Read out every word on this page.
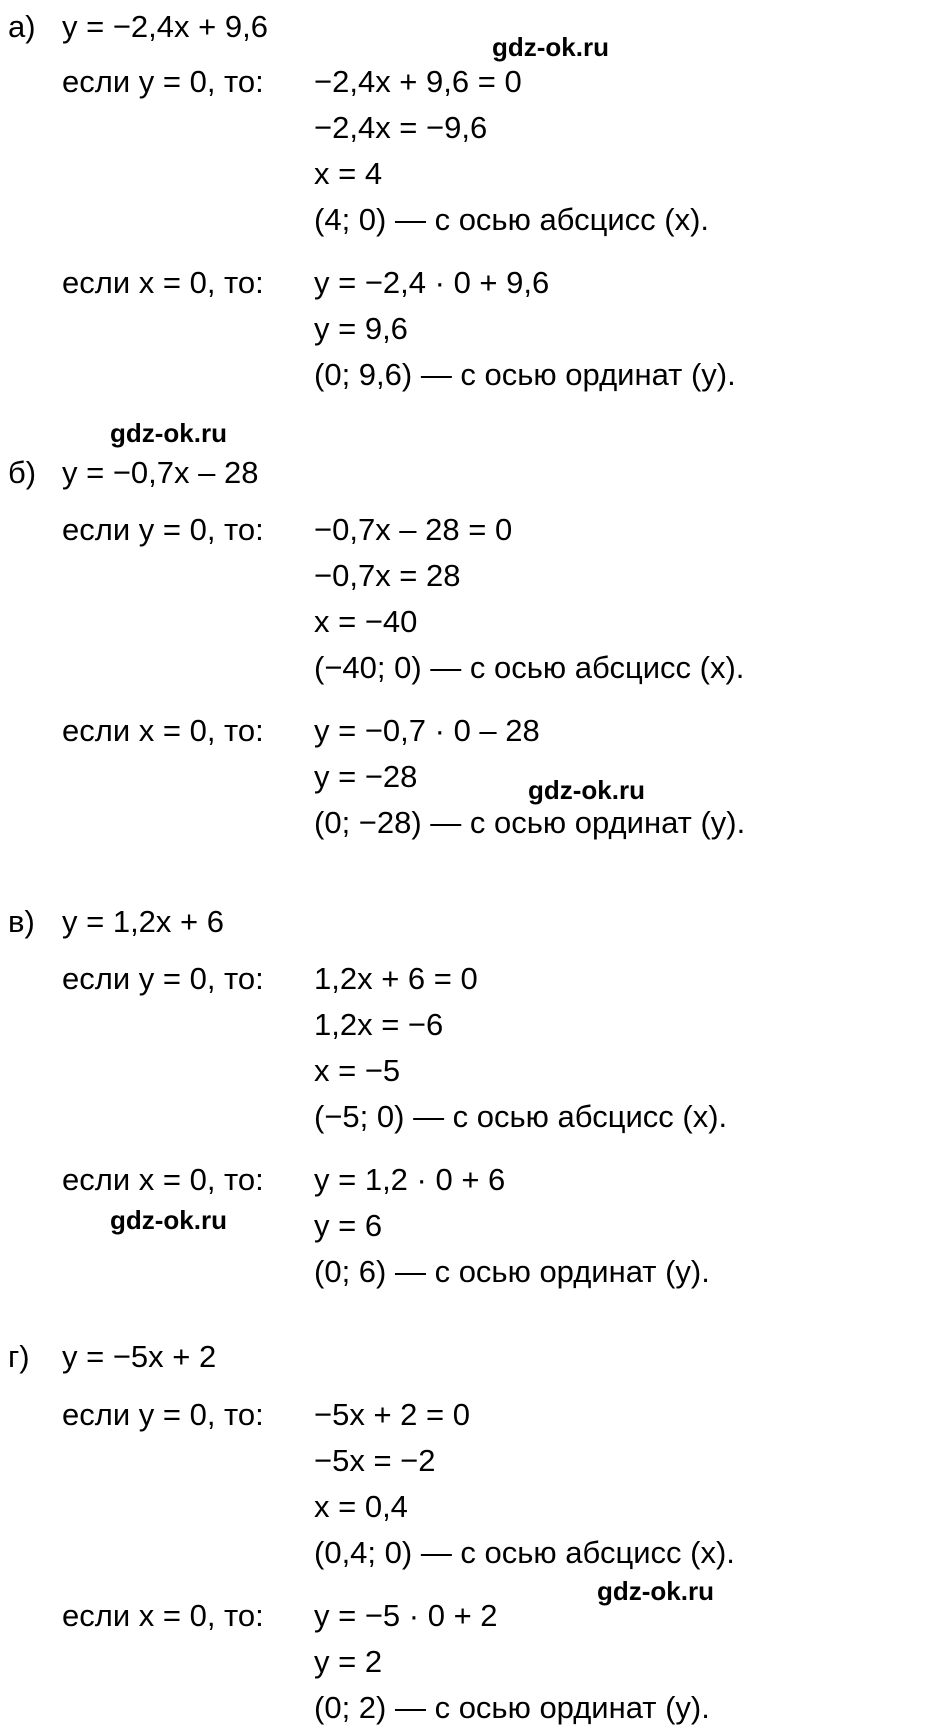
а) y = −2,4x + 9,6
если y = 0, то: −2,4x + 9,6 = 0
−2,4x = −9,6
x = 4
(4; 0) — с осью абсцисс (x).
если x = 0, то: y = −2,4 · 0 + 9,6
y = 9,6
(0; 9,6) — с осью ординат (y).
б) y = −0,7x – 28
если y = 0, то: −0,7x – 28 = 0
−0,7x = 28
x = −40
(−40; 0) — с осью абсцисс (x).
если x = 0, то: y = −0,7 · 0 – 28
y = −28
(0; −28) — с осью ординат (y).
в) y = 1,2x + 6
если y = 0, то: 1,2x + 6 = 0
1,2x = −6
x = −5
(−5; 0) — с осью абсцисс (x).
если x = 0, то: y = 1,2 · 0 + 6
y = 6
(0; 6) — с осью ординат (y).
г) y = −5x + 2
если y = 0, то: −5x + 2 = 0
−5x = −2
x = 0,4
(0,4; 0) — с осью абсцисс (x).
если x = 0, то: y = −5 · 0 + 2
y = 2
(0; 2) — с осью ординат (y).
gdz-ok.ru
gdz-ok.ru
gdz-ok.ru
gdz-ok.ru
gdz-ok.ru
